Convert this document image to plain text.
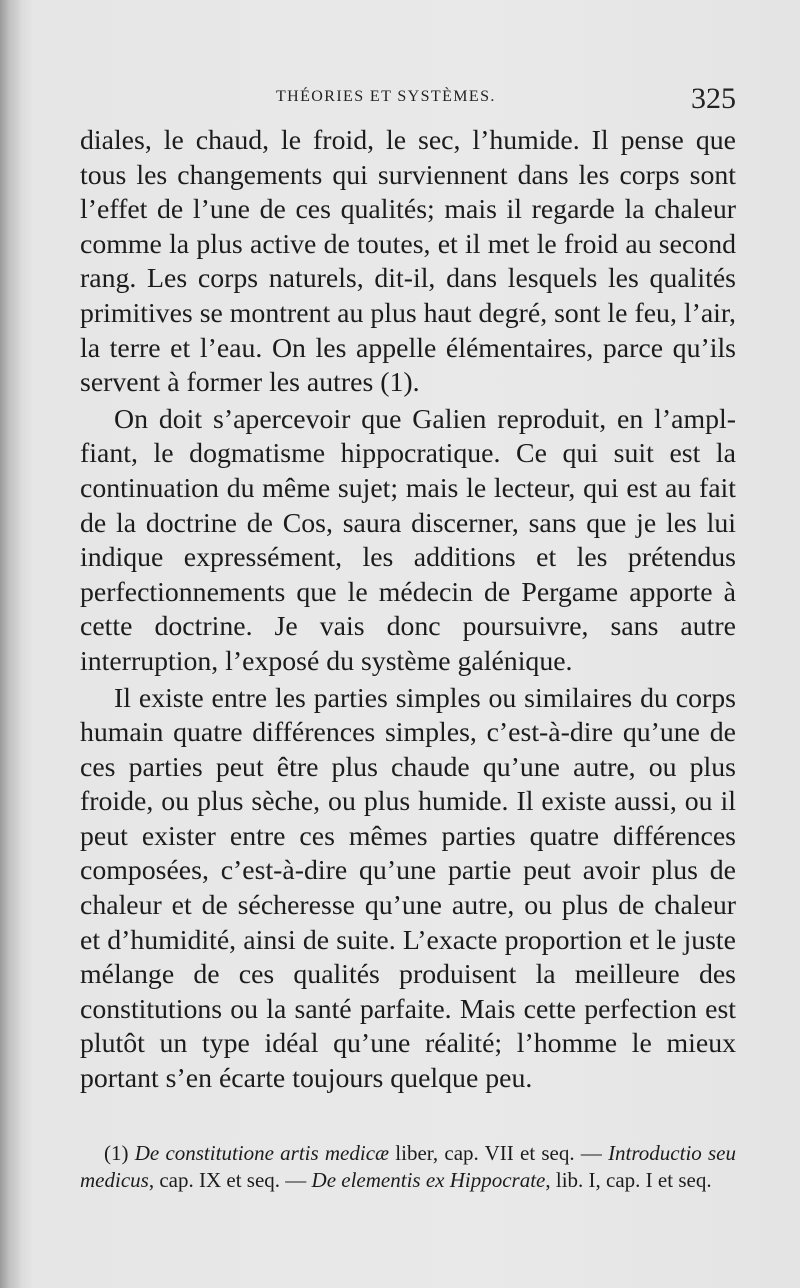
THÉORIES ET SYSTÈMES.	325

diales, le chaud, le froid, le sec, l’humide. Il pense que tous les changements qui surviennent dans les corps sont l’effet de l’une de ces qualités; mais il regarde la chaleur comme la plus active de toutes, et il met le froid au second rang. Les corps naturels, dit-il, dans lesquels les qualités primitives se montrent au plus haut degré, sont le feu, l’air, la terre et l’eau. On les appelle élémentaires, parce qu’ils servent à former les autres (1).

On doit s’apercevoir que Galien reproduit, en l’ampl-fiant, le dogmatisme hippocratique. Ce qui suit est la continuation du même sujet; mais le lecteur, qui est au fait de la doctrine de Cos, saura discerner, sans que je les lui indique expressément, les additions et les prétendus perfectionnements que le médecin de Pergame apporte à cette doctrine. Je vais donc poursuivre, sans autre interruption, l’exposé du système galénique.

Il existe entre les parties simples ou similaires du corps humain quatre différences simples, c’est-à-dire qu’une de ces parties peut être plus chaude qu’une autre, ou plus froide, ou plus sèche, ou plus humide. Il existe aussi, ou il peut exister entre ces mêmes parties quatre différences composées, c’est-à-dire qu’une partie peut avoir plus de chaleur et de sécheresse qu’une autre, ou plus de chaleur et d’humidité, ainsi de suite. L’exacte proportion et le juste mélange de ces qualités produisent la meilleure des constitutions ou la santé parfaite. Mais cette perfection est plutôt un type idéal qu’une réalité; l’homme le mieux portant s’en écarte toujours quelque peu.

(1) De constitutione artis medicæ liber, cap. VII et seq. — Introductio seu medicus, cap. IX et seq. — De elementis ex Hippocrate, lib. I, cap. I et seq.
